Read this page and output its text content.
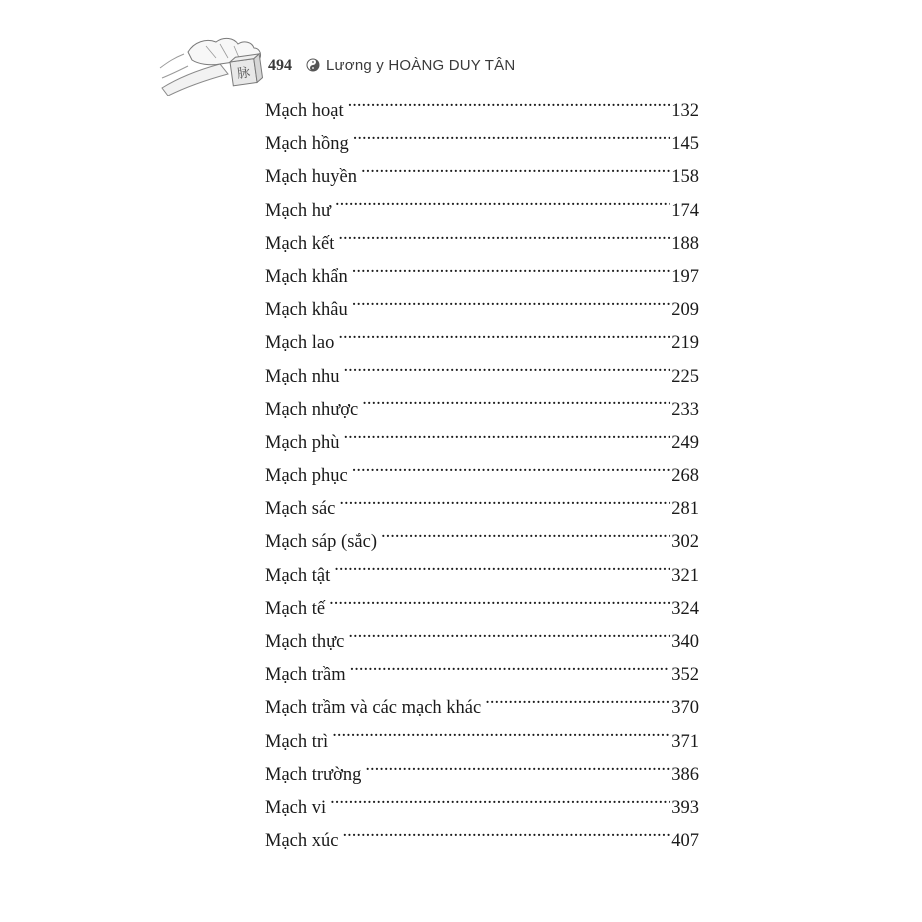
脉 494 Lương y HOÀNG DUY TÂN
Mạch hoạt .....	132
Mạch hồng .....	145
Mạch huyền .....	158
Mạch hư .....	174
Mạch kết .....	188
Mạch khẩn .....	197
Mạch khâu .....	209
Mạch lao .....	219
Mạch nhu .....	225
Mạch nhược .....	233
Mạch phù .....	249
Mạch phục .....	268
Mạch sác .....	281
Mạch sáp (sắc) .....	302
Mạch tật .....	321
Mạch tế .....	324
Mạch thực .....	340
Mạch trầm .....	352
Mạch trầm và các mạch khác .....	370
Mạch trì .....	371
Mạch trường .....	386
Mạch vi .....	393
Mạch xúc .....	407
